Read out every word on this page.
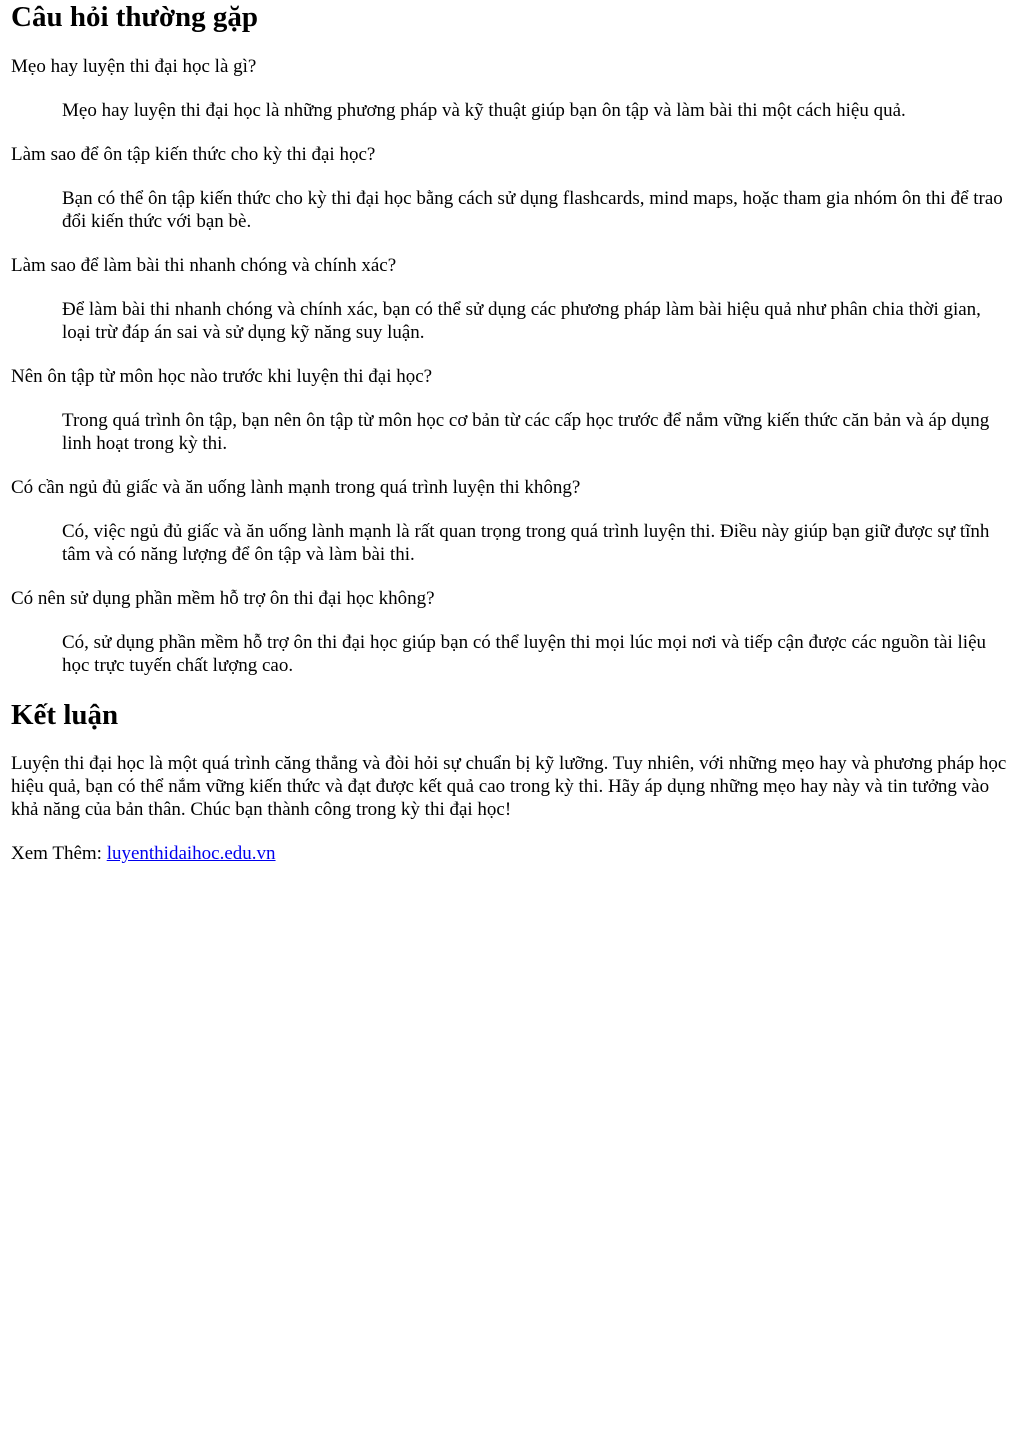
Câu hỏi thường gặp

Mẹo hay luyện thi đại học là gì?

Mẹo hay luyện thi đại học là những phương pháp và kỹ thuật giúp bạn ôn tập và làm bài thi một cách hiệu quả.

Làm sao để ôn tập kiến thức cho kỳ thi đại học?

Bạn có thể ôn tập kiến thức cho kỳ thi đại học bằng cách sử dụng flashcards, mind maps, hoặc tham gia nhóm ôn thi để trao đổi kiến thức với bạn bè.

Làm sao để làm bài thi nhanh chóng và chính xác?

Để làm bài thi nhanh chóng và chính xác, bạn có thể sử dụng các phương pháp làm bài hiệu quả như phân chia thời gian, loại trừ đáp án sai và sử dụng kỹ năng suy luận.

Nên ôn tập từ môn học nào trước khi luyện thi đại học?

Trong quá trình ôn tập, bạn nên ôn tập từ môn học cơ bản từ các cấp học trước để nắm vững kiến thức căn bản và áp dụng linh hoạt trong kỳ thi.

Có cần ngủ đủ giấc và ăn uống lành mạnh trong quá trình luyện thi không?

Có, việc ngủ đủ giấc và ăn uống lành mạnh là rất quan trọng trong quá trình luyện thi. Điều này giúp bạn giữ được sự tĩnh tâm và có năng lượng để ôn tập và làm bài thi.

Có nên sử dụng phần mềm hỗ trợ ôn thi đại học không?

Có, sử dụng phần mềm hỗ trợ ôn thi đại học giúp bạn có thể luyện thi mọi lúc mọi nơi và tiếp cận được các nguồn tài liệu học trực tuyến chất lượng cao.

Kết luận

Luyện thi đại học là một quá trình căng thẳng và đòi hỏi sự chuẩn bị kỹ lưỡng. Tuy nhiên, với những mẹo hay và phương pháp học hiệu quả, bạn có thể nắm vững kiến thức và đạt được kết quả cao trong kỳ thi. Hãy áp dụng những mẹo hay này và tin tưởng vào khả năng của bản thân. Chúc bạn thành công trong kỳ thi đại học!

Xem Thêm: luyenthidaihoc.edu.vn
